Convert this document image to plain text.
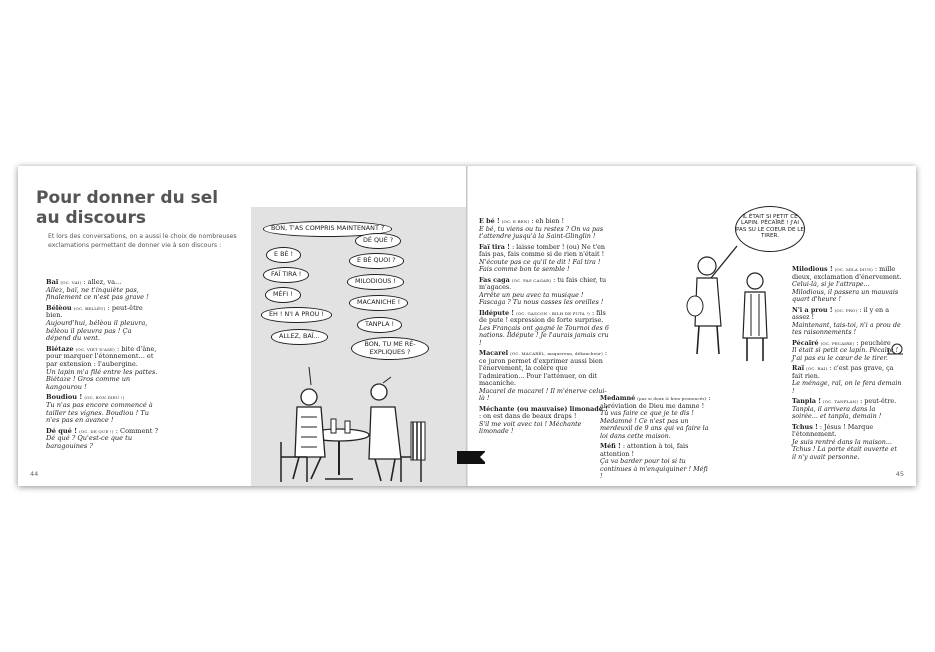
Pour donner du sel
au discours
Et lors des conversations, on a aussi le choix de nombreuses exclamations permettant de donner vie à son discours :
Baï (OC. VAI) : allez, va...
Allez, baï, ne t'inquiète pas, finalement ce n'est pas grave !
Bélèou (OC. BELLÈU) : peut-être bien.
Aujourd'hui, bélèou il pleuvra, bélèou il pleuvra pas ! Ça dépend du vent.
Biétaze (OC. VIET D'ASE) : bite d'âne, pour marquer l'étonnement... et par extension : l'aubergine.
Un lapin m'a filé entre les pattes. Biétaze ! Gros comme un kangourou !
Boudiou ! (OC. BON DIEU !)
Tu n'as pas encore commencé à tailler tes vignes. Boudiou ! Tu n'es pas en avance !
Dé qué ! (OC. DE QUE !) : Comment ?
Dé qué ? Qu'est-ce que tu baragouines ?
44
BON, T'AS COMPRIS MAINTENANT ?
E BÉ !
FAÏ TIRA !
MÉFI !
EH ! N'I A PROU !
ALLEZ, BAÏ...
DÉ QUÉ ?
E BÉ QUOI ?
MILODIOUS !
MACANICHE !
TANPLA !
BON, TU ME RÉ-EXPLIQUES ?
E bé ! (OC. E BEN) : eh bien !
E bé, tu viens ou tu restes ? On va pas t'attendre jusqu'à la Saint-Glinglin !
Faï tira ! : laisse tomber ! (ou) Ne t'en fais pas, fais comme si de rien n'était !
N'écoute pas ce qu'il te dit ! Faï tira ! Fais comme bon te semble !
Fas caga (OC. FAS CAGAR) : tu fais chier, tu m'agaces.
Arrête un peu avec ta musique ! Fascaga ? Tu nous casses les oreilles !
Ildépute ! (OC. GASCON : BILH DE PUTA !) : fils de pute ! expression de forte surprise.
Les Français ont gagné le Tournoi des 6 nations. Ildépute ! Je l'aurais jamais cru !
Macarel (OC. MACARÈL, maquereau, débaucheur) : ce juron permet d'exprimer aussi bien l'énervement, la colère que l'admiration... Pour l'atténuer, on dit macaniche.
Macarel de macarel ! Il m'énerve celui-là !
Méchante (ou mauvaise) limonade ! : on est dans de beaux draps !
S'il me voit avec toi ! Méchante limonade !
IL ÉTAIT SI PETIT CE LAPIN. PÉCAÏRÉ ! J'AI PAS SU LE COEUR DE LE TIRER.
Milodious ! (OC. MILA DIUS) : mille dieux, exclamation d'énervement.
Celui-là, si je l'attrape... Milodious, il passera un mauvais quart d'heure !
N'i a prou ! (OC. PRO) : il y en a assez !
Maintenant, tais-toi, n'i a prou de tes raisonnements !
Pécaïré (OC. PECAIRE) : peuchère
Il était si petit ce lapin. Pécaïré ! J'ai pas eu le cœur de le tirer.
Raï (OC. RAI) : c'est pas grave, ça fait rien.
Le ménage, raï, on le fera demain !
Tanpla ! (OC. TANPLAN) : peut-être.
Tanpla, il arrivera dans la soirée... et tanpla, demain !
Tchus ! : Jésus ! Marque l'étonnement.
Je suis rentré dans la maison... Tchus ! La porte était ouverte et il n'y avait personne.
45
Medamné (pas si doux & bien prononcés) : abréviation de Dieu me damne !
Tu vas faire ce que je te dis ! Medamné ! Ce n'est pas un merdeuxil de 9 ans qui va faire la loi dans cette maison.
Méfi ! : attention à toi, fais attention !
Ça va barder pour toi si tu continues à m'enquiquiner ! Méfi !
